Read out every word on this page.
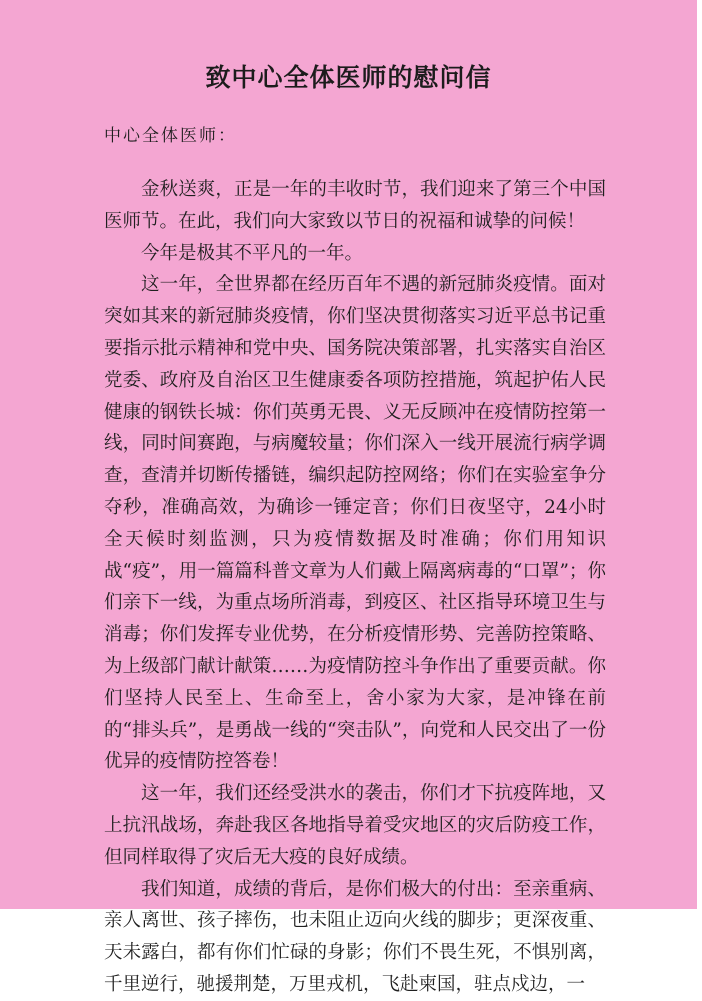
致中心全体医师的慰问信
中心全体医师：

金秋送爽，正是一年的丰收时节，我们迎来了第三个中国医师节。在此，我们向大家致以节日的祝福和诚挚的问候！

今年是极其不平凡的一年。

这一年，全世界都在经历百年不遇的新冠肺炎疫情。面对突如其来的新冠肺炎疫情，你们坚决贯彻落实习近平总书记重要指示批示精神和党中央、国务院决策部署，扎实落实自治区党委、政府及自治区卫生健康委各项防控措施，筑起护佑人民健康的钢铁长城：你们英勇无畏、义无反顾冲在疫情防控第一线，同时间赛跑，与病魔较量；你们深入一线开展流行病学调查，查清并切断传播链，编织起防控网络；你们在实验室争分夺秒，准确高效，为确诊一锤定音；你们日夜坚守，24小时全天候时刻监测，只为疫情数据及时准确；你们用知识战“疫”，用一篇篇科普文章为人们戴上隔离病毒的“口罩”；你们亲下一线，为重点场所消毒，到疫区、社区指导环境卫生与消毒；你们发挥专业优势，在分析疫情形势、完善防控策略、为上级部门献计献策……为疫情防控斗争作出了重要贡献。你们坚持人民至上、生命至上，舍小家为大家，是冲锋在前的“排头兵”，是勇战一线的“突击队”，向党和人民交出了一份优异的疫情防控答卷！

这一年，我们还经受洪水的袭击，你们才下抗疫阵地，又上抗汛战场，奔赴我区各地指导着受灾地区的灾后防疫工作，但同样取得了灾后无大疫的良好成绩。

我们知道，成绩的背后，是你们极大的付出：至亲重病、亲人离世、孩子摔伤，也未阻止迈向火线的脚步；更深夜重、天未露白，都有你们忙碌的身影；你们不畏生死，不惧别离，千里逆行，驰援荆楚，万里戎机，飞赴柬国，驻点戍边，一
